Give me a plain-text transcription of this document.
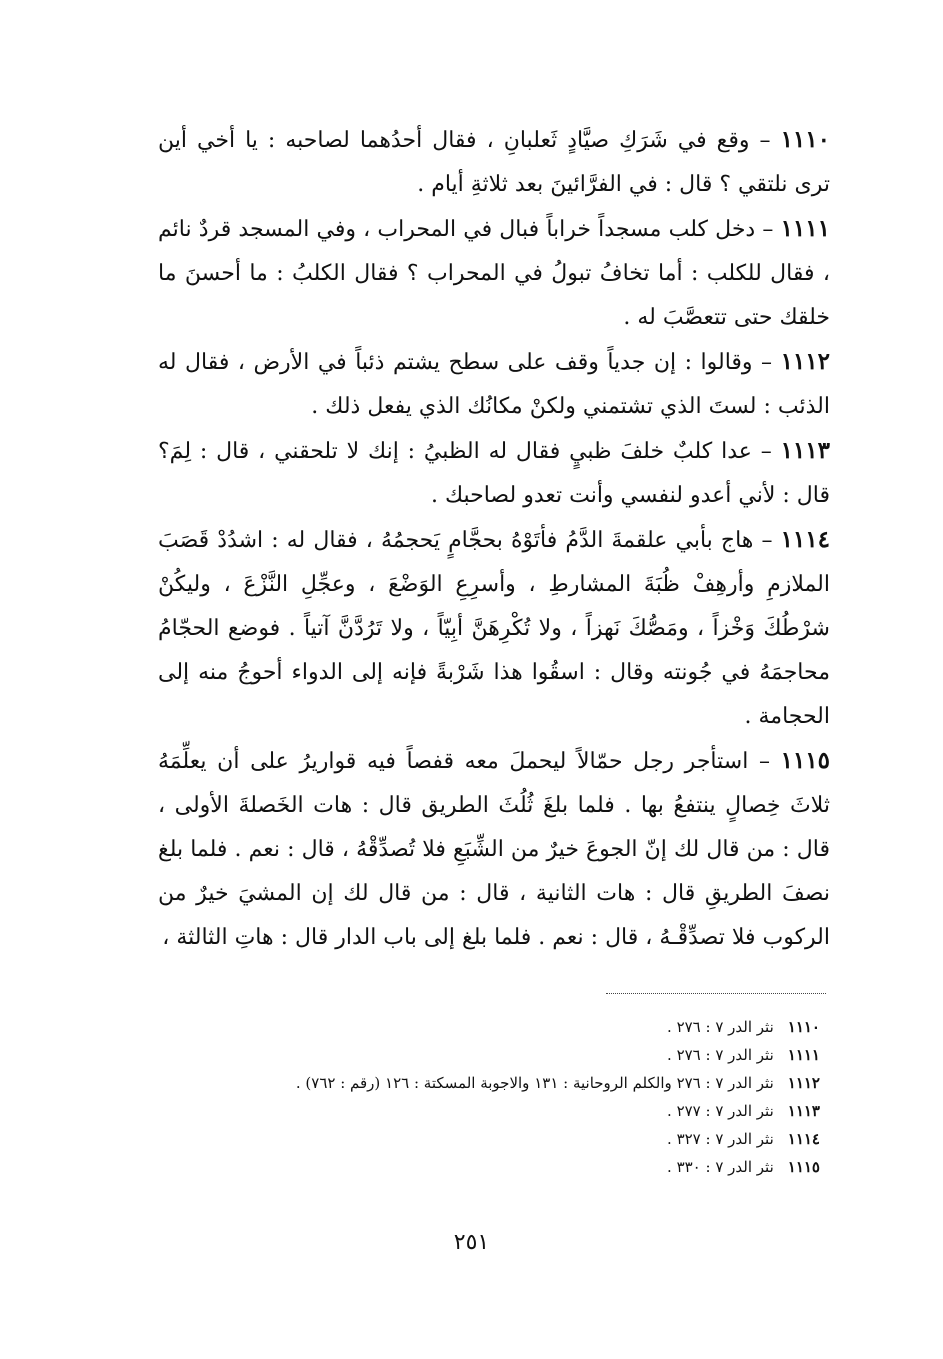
١١١٠ – وقع في شَرَكِ صيَّادٍ ثَعلبانِ ، فقال أحدُهما لصاحبه : يا أخي أين ترى نلتقي ؟ قال : في الفرَّائينَ بعد ثلاثةِ أيام .

١١١١ – دخل كلب مسجداً خراباً فبال في المحراب ، وفي المسجد قردٌ نائم ، فقال للكلب : أما تخافُ تبولُ في المحراب ؟ فقال الكلبُ : ما أحسنَ ما خلقك حتى تتعصَّبَ له .

١١١٢ – وقالوا : إن جدياً وقف على سطح يشتم ذئباً في الأرض ، فقال له الذئب : لستَ الذي تشتمني ولكنْ مكانُك الذي يفعل ذلك .

١١١٣ – عدا كلبٌ خلفَ ظبيٍ فقال له الظبيُ : إنك لا تلحقني ، قال : لِمَ؟ قال : لأني أعدو لنفسي وأنت تعدو لصاحبك .

١١١٤ – هاج بأبي علقمةَ الدَّمُ فأتَوْهُ بحجَّامٍ يَحجمُهُ ، فقال له : اشدُدْ قَصَبَ الملازمِ وأرهِفْ ظُبَةَ المشارطِ ، وأسرِعِ الوَضْعَ ، وعجِّلِ النَّزْعَ ، وليكُنْ شرْطُكَ وَخْزاً ، ومَصُّكَ نَهزاً ، ولا تُكْرِهَنَّ أبِيّاً ، ولا تَرُدَّنَّ آتياً . فوضع الحجّامُ محاجمَهُ في جُونته وقال : اسقُوا هذا شَرْبةً فإنه إلى الدواء أحوجُ منه إلى الحجامة .

١١١٥ – استأجر رجل حمّالاً ليحملَ معه قفصاً فيه قواريرُ على أن يعلِّمَهُ ثلاثَ خِصالٍ ينتفعُ بها . فلما بلغَ ثُلُثَ الطريق قال : هات الخَصلةَ الأولى ، قال : من قال لك إنّ الجوعَ خيرٌ من الشِّبَعِ فلا تُصدِّقْهُ ، قال : نعم . فلما بلغ نصفَ الطريقِ قال : هات الثانية ، قال : من قال لك إن المشيَ خيرٌ من الركوب فلا تصدِّقْـهُ ، قال : نعم . فلما بلغ إلى باب الدار قال : هاتِ الثالثة ،

١١١٠نثر الدر ٧ : ٢٧٦ .
١١١١نثر الدر ٧ : ٢٧٦ .
١١١٢نثر الدر ٧ : ٢٧٦ والكلم الروحانية : ١٣١ والاجوبة المسكتة : ١٢٦ (رقم : ٧٦٢) .
١١١٣نثر الدر ٧ : ٢٧٧ .
١١١٤نثر الدر ٧ : ٣٢٧ .
١١١٥نثر الدر ٧ : ٣٣٠ .
٢٥١
